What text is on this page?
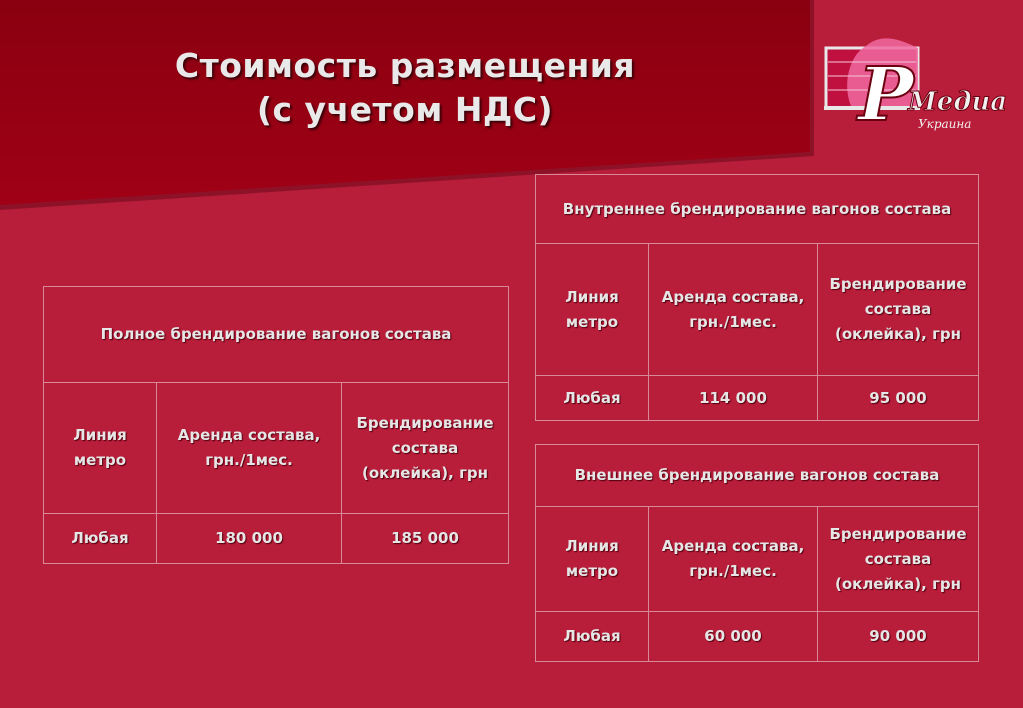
Стоимость размещения
(с учетом НДС)	P
Медиа
Украина
Полное брендирование вагонов состава		
Линия метро	Аренда состава, грн./1мес.	Брендирование состава (оклейка), грн
Любая	180 000	185 000
Внутреннее брендирование вагонов состава		
Линия метро	Аренда состава, грн./1мес.	Брендирование состава (оклейка), грн
Любая	114 000	95 000
Внешнее брендирование вагонов состава		
Линия метро	Аренда состава, грн./1мес.	Брендирование состава (оклейка), грн
Любая	60 000	90 000
